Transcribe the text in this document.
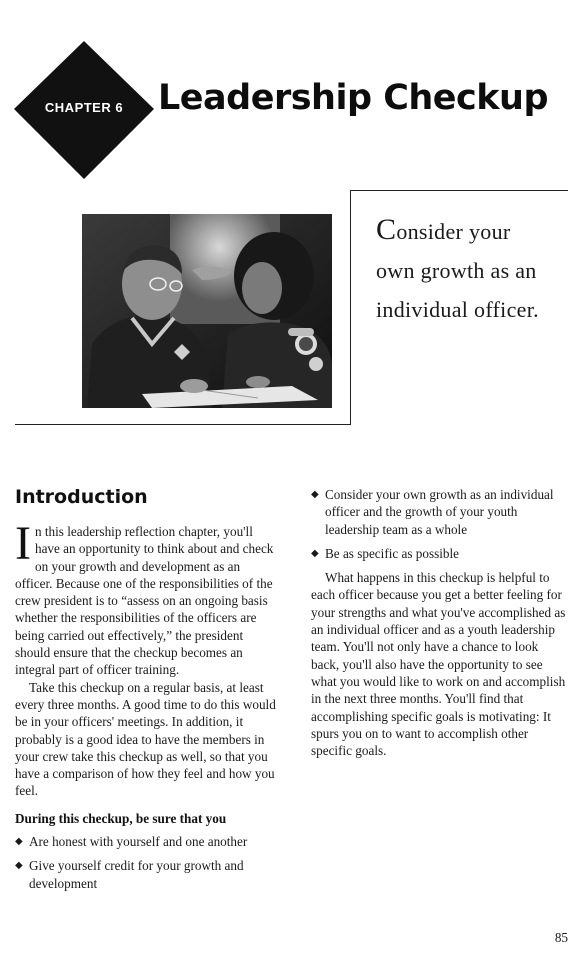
CHAPTER 6 Leadership Checkup
Consider your
own growth as an
individual officer.
Introduction

In this leadership reflection chapter, you'll have an opportunity to think about and check on your growth and development as an officer. Because one of the responsibilities of the crew president is to “assess on an ongoing basis whether the responsibilities of the officers are being carried out effectively,” the president should ensure that the checkup becomes an integral part of officer training.

Take this checkup on a regular basis, at least every three months. A good time to do this would be in your officers' meetings. In addition, it probably is a good idea to have the members in your crew take this checkup as well, so that you have a comparison of how they feel and how you feel.

During this checkup, be sure that you

◆ Are honest with yourself and one another
◆ Give yourself credit for your growth and development
◆ Consider your own growth as an individual officer and the growth of your youth leadership team as a whole
◆ Be as specific as possible

What happens in this checkup is helpful to each officer because you get a better feeling for your strengths and what you've accomplished as an individual officer and as a youth leadership team. You'll not only have a chance to look back, you'll also have the opportunity to see what you would like to work on and accomplish in the next three months. You'll find that accomplishing specific goals is motivating: It spurs you on to want to accomplish other specific goals.

85
